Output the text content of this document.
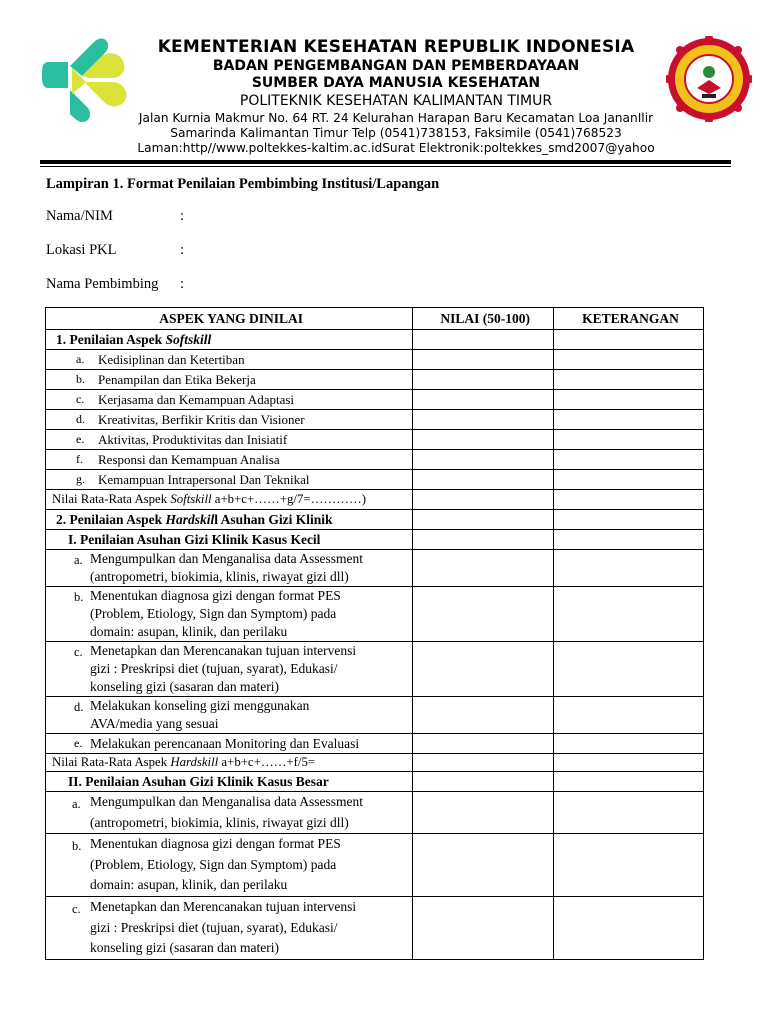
KEMENTERIAN KESEHATAN REPUBLIK INDONESIA
BADAN PENGEMBANGAN DAN PEMBERDAYAAN
SUMBER DAYA MANUSIA KESEHATAN
POLITEKNIK KESEHATAN KALIMANTAN TIMUR
Jalan Kurnia Makmur No. 64 RT. 24 Kelurahan Harapan Baru Kecamatan Loa Janan‌Ilir
Samarinda Kalimantan Timur Telp (0541)738153, Faksimile (0541)768523
Laman:http//www.poltekkes-kaltim.ac.idSurat Elektronik:poltekkes_smd2007@yahoo
Lampiran 1. Format Penilaian Pembimbing Institusi/Lapangan
Nama/NIM	:
Lokasi PKL	:
Nama Pembimbing :
ASPEK YANG DINILAI	NILAI (50-100)	KETERANGAN
1. Penilaian Aspek Softskill		

a. Kedisiplinan dan Ketertiban		

b. Penampilan dan Etika Bekerja		

c. Kerjasama dan Kemampuan Adaptasi		

d. Kreativitas, Berfikir Kritis dan Visioner		

e. Aktivitas, Produktivitas dan Inisiatif		

f. Responsi dan Kemampuan Analisa		

g. Kemampuan Intrapersonal Dan Teknikal		
Nilai Rata-Rata Aspek Softskill a+b+c+……+g/7=…………)		
2. Penilaian Aspek Hardskill Asuhan Gizi Klinik		
I. Penilaian Asuhan Gizi Klinik Kasus Kecil		

a. Mengumpulkan dan Menganalisa data Assessment
(antropometri, biokimia, klinis, riwayat gizi dll)		

b. Menentukan diagnosa gizi dengan format PES
(Problem, Etiology, Sign dan Symptom) pada
domain: asupan, klinik, dan perilaku		

c. Menetapkan dan Merencanakan tujuan intervensi
gizi : Preskripsi diet (tujuan, syarat), Edukasi/
konseling gizi (sasaran dan materi)		

d. Melakukan konseling gizi menggunakan
AVA/media yang sesuai		

e. Melakukan perencanaan Monitoring dan Evaluasi		
Nilai Rata-Rata Aspek Hardskill a+b+c+……+f/5=		
II. Penilaian Asuhan Gizi Klinik Kasus Besar		

a. Mengumpulkan dan Menganalisa data Assessment
(antropometri, biokimia, klinis, riwayat gizi dll)		

b. Menentukan diagnosa gizi dengan format PES
(Problem, Etiology, Sign dan Symptom) pada
domain: asupan, klinik, dan perilaku		

c. Menetapkan dan Merencanakan tujuan intervensi
gizi : Preskripsi diet (tujuan, syarat), Edukasi/
konseling gizi (sasaran dan materi)		
